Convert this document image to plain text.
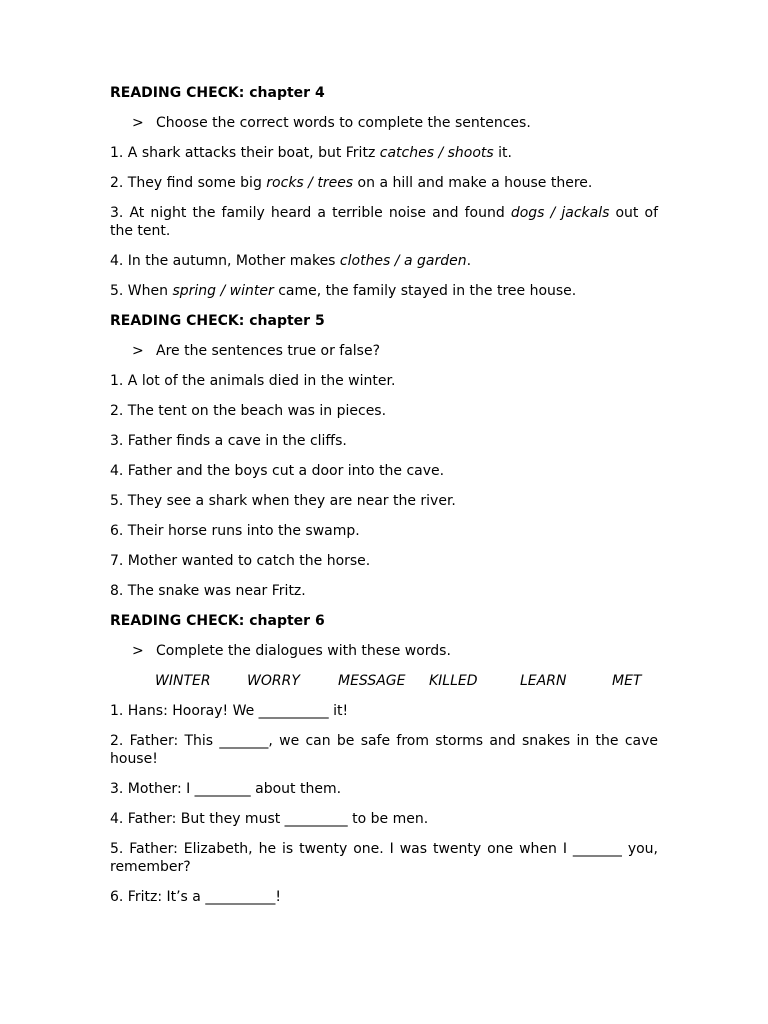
READING CHECK: chapter 4
> Choose the correct words to complete the sentences.
1. A shark attacks their boat, but Fritz catches / shoots it.
2. They find some big rocks / trees on a hill and make a house there.
3. At night the family heard a terrible noise and found dogs / jackals out of the tent.
4. In the autumn, Mother makes clothes / a garden.
5. When spring / winter came, the family stayed in the tree house.
READING CHECK: chapter 5
> Are the sentences true or false?
1. A lot of the animals died in the winter.
2. The tent on the beach was in pieces.
3. Father finds a cave in the cliffs.
4. Father and the boys cut a door into the cave.
5. They see a shark when they are near the river.
6. Their horse runs into the swamp.
7. Mother wanted to catch the horse.
8. The snake was near Fritz.
READING CHECK: chapter 6
> Complete the dialogues with these words.
WINTER	WORRY	MESSAGE	KILLED	LEARN	MET
1. Hans: Hooray! We __________ it!
2. Father: This _______, we can be safe from storms and snakes in the cave house!
3. Mother: I ________ about them.
4. Father: But they must _________ to be men.
5. Father: Elizabeth, he is twenty one. I was twenty one when I _______ you, remember?
6. Fritz: It’s a __________!
